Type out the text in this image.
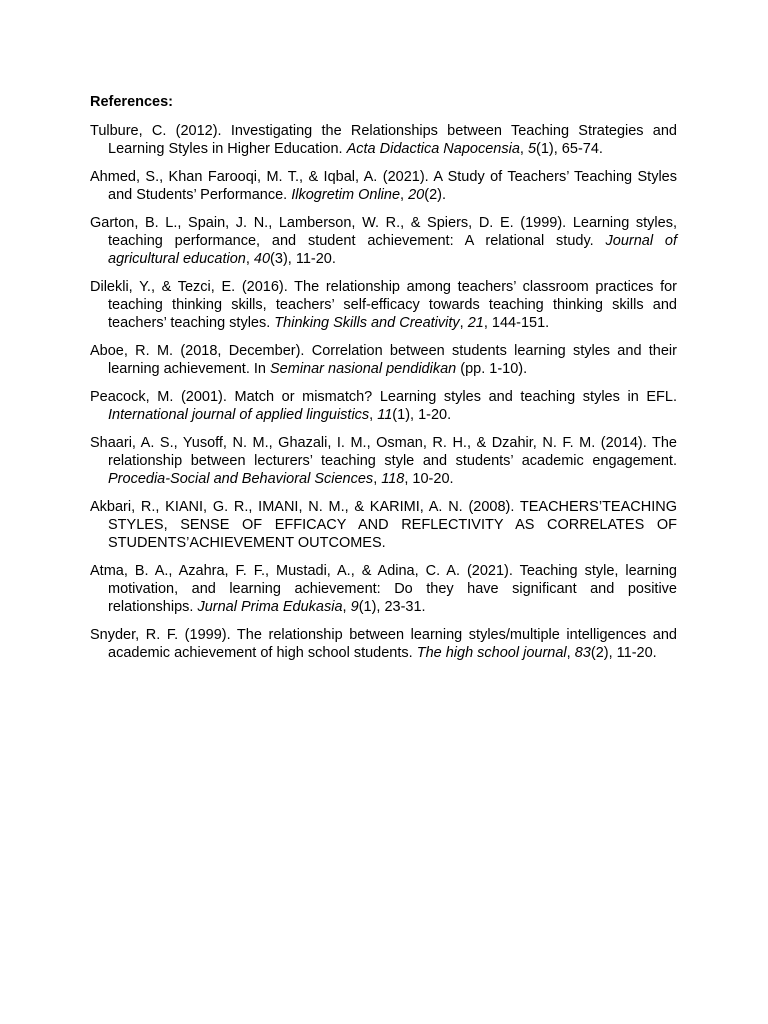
References:
Tulbure, C. (2012). Investigating the Relationships between Teaching Strategies and Learning Styles in Higher Education. Acta Didactica Napocensia, 5(1), 65-74.
Ahmed, S., Khan Farooqi, M. T., & Iqbal, A. (2021). A Study of Teachers’ Teaching Styles and Students’ Performance. Ilkogretim Online, 20(2).
Garton, B. L., Spain, J. N., Lamberson, W. R., & Spiers, D. E. (1999). Learning styles, teaching performance, and student achievement: A relational study. Journal of agricultural education, 40(3), 11-20.
Dilekli, Y., & Tezci, E. (2016). The relationship among teachers’ classroom practices for teaching thinking skills, teachers’ self-efficacy towards teaching thinking skills and teachers’ teaching styles. Thinking Skills and Creativity, 21, 144-151.
Aboe, R. M. (2018, December). Correlation between students learning styles and their learning achievement. In Seminar nasional pendidikan (pp. 1-10).
Peacock, M. (2001). Match or mismatch? Learning styles and teaching styles in EFL. International journal of applied linguistics, 11(1), 1-20.
Shaari, A. S., Yusoff, N. M., Ghazali, I. M., Osman, R. H., & Dzahir, N. F. M. (2014). The relationship between lecturers’ teaching style and students’ academic engagement. Procedia-Social and Behavioral Sciences, 118, 10-20.
Akbari, R., KIANI, G. R., IMANI, N. M., & KARIMI, A. N. (2008). TEACHERS’TEACHING STYLES, SENSE OF EFFICACY AND REFLECTIVITY AS CORRELATES OF STUDENTS’ACHIEVEMENT OUTCOMES.
Atma, B. A., Azahra, F. F., Mustadi, A., & Adina, C. A. (2021). Teaching style, learning motivation, and learning achievement: Do they have significant and positive relationships. Jurnal Prima Edukasia, 9(1), 23-31.
Snyder, R. F. (1999). The relationship between learning styles/multiple intelligences and academic achievement of high school students. The high school journal, 83(2), 11-20.
